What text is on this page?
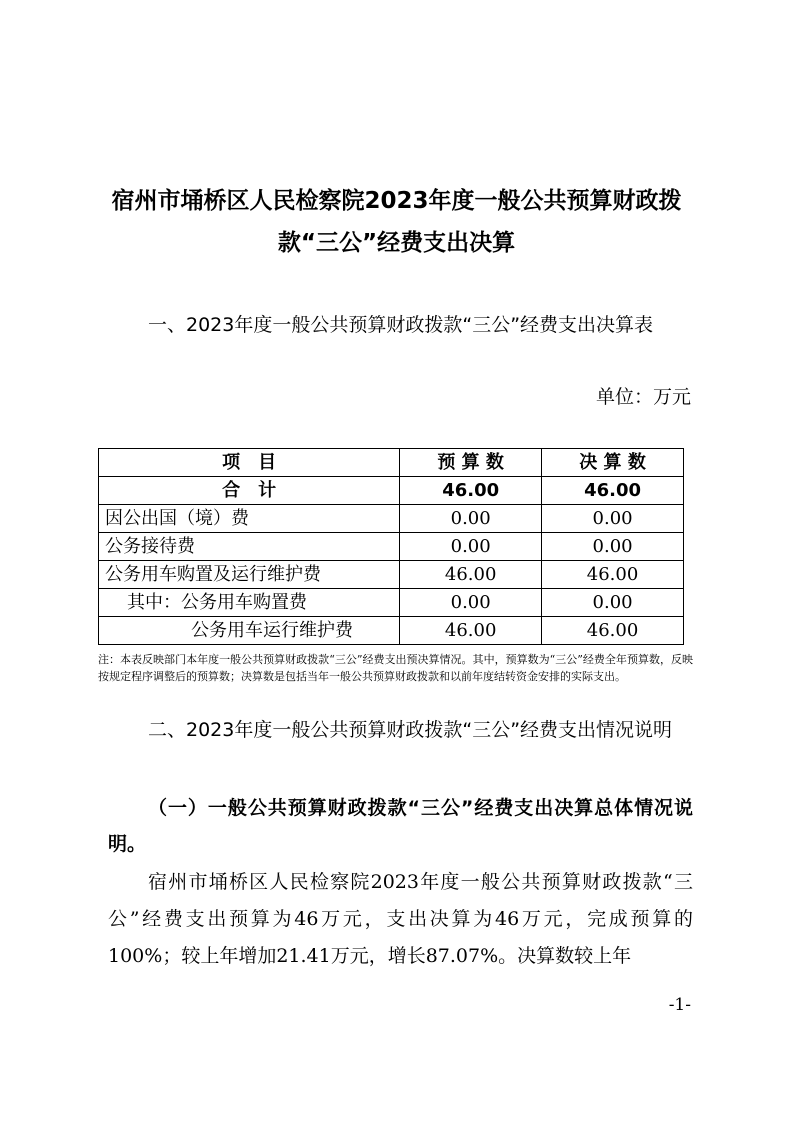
宿州市埇桥区人民检察院2023年度一般公共预算财政拨款“三公”经费支出决算
一、2023年度一般公共预算财政拨款“三公”经费支出决算表
单位：万元
项　目	预 算 数	决 算 数
合　计	46.00	46.00
因公出国（境）费	0.00	0.00
公务接待费	0.00	0.00
公务用车购置及运行维护费	46.00	46.00
其中：公务用车购置费	0.00	0.00
公务用车运行维护费	46.00	46.00
注：本表反映部门本年度一般公共预算财政拨款“三公”经费支出预决算情况。其中，预算数为“三公”经费全年预算数，反映按规定程序调整后的预算数；决算数是包括当年一般公共预算财政拨款和以前年度结转资金安排的实际支出。
二、2023年度一般公共预算财政拨款“三公”经费支出情况说明
（一）一般公共预算财政拨款“三公”经费支出决算总体情况说明。
宿州市埇桥区人民检察院2023年度一般公共预算财政拨款“三公”经费支出预算为46万元，支出决算为46万元，完成预算的100%；较上年增加21.41万元，增长87.07%。决算数较上年
-1-
